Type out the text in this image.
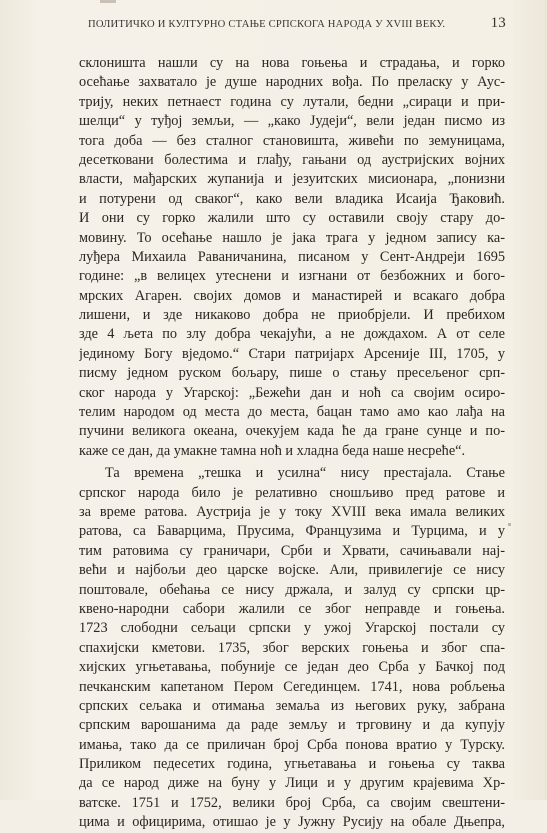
ПОЛИТИЧКО И КУЛТУРНО СТАЊЕ СРПСКОГА НАРОДА У XVIII ВЕКУ.	13
склоништа нашли су на нова гоњења и страдања, и горко
осећање захватало је душе народних вођа. По преласку у Аус-
трију, неких петнаест година су лутали, бедни „сираци и при-
шелци“ у туђој земљи, — „како Јудеји“, вели један писмо из
тога доба — без сталног становишта, живећи по земуницама,
десетковани болестима и глађу, гањани од аустријских војних
власти, мађарских жупанија и језуитских мисионара, „понизни
и потурени од сваког“, како вели владика Исаија Ђаковић.
И они су горко жалили што су оставили своју стару до-
мовину. То осећање нашло је јака трага у једном запису ка-
луђера Михаила Раваничанина, писаном у Сент-Андреји 1695
године: „в велицех утеснени и изгнани от безбожних и бого-
мрских Агарен. својих домов и манастирей и всакаго добра
лишени, и зде никаково добра не приобрјели. И пребихом
зде 4 љета по злу добра чекајући, а не дождахом. А от селе
јединому Богу вједомо.“ Стари патријарх Арсеније III, 1705, у
писму једном руском бољару, пише о стању пресељеног срп-
ског народа у Угарској: „Бежећи дан и ноћ са својим осиро-
телим народом од места до места, бацан тамо амо као лађа на
пучини великога океана, очекујем када ће да гране сунце и по-
каже се дан, да умакне тамна ноћ и хладна беда наше несреће“.
Та времена „тешка и усилна“ нису престајала. Стање
српског народа било је релативно сношљиво пред ратове и
за време ратова. Аустрија је у току XVIII века имала великих
ратова, са Баварцима, Прусима, Французима и Турцима, и у
тим ратовима су граничари, Срби и Хрвати, сачињавали нај-
већи и најбољи део царске војске. Али, привилегије се нису
поштовале, обећања се нису држала, и залуд су српски цр-
квено-народни сабори жалили се због неправде и гоњења.
1723 слободни сељаци српски у ужој Угарској постали су
спахијски кметови. 1735, због верских гоњења и због спа-
хијских угњетавања, побуније се један део Срба у Бачкој под
печканским капетаном Пером Сегединцем. 1741, нова робљења
српских сељака и отимања земаља из његових руку, забрана
српским варошанима да раде земљу и трговину и да купују
имања, тако да се приличан број Срба понова вратио у Турску.
Приликом педесетих година, угњетавања и гоњења су таква
да се народ диже на буну у Лици и у другим крајевима Хр-
ватске. 1751 и 1752, велики број Срба, са својим свештени-
цима и официрима, отишао је у Јужну Русију на обале Дњепра,
